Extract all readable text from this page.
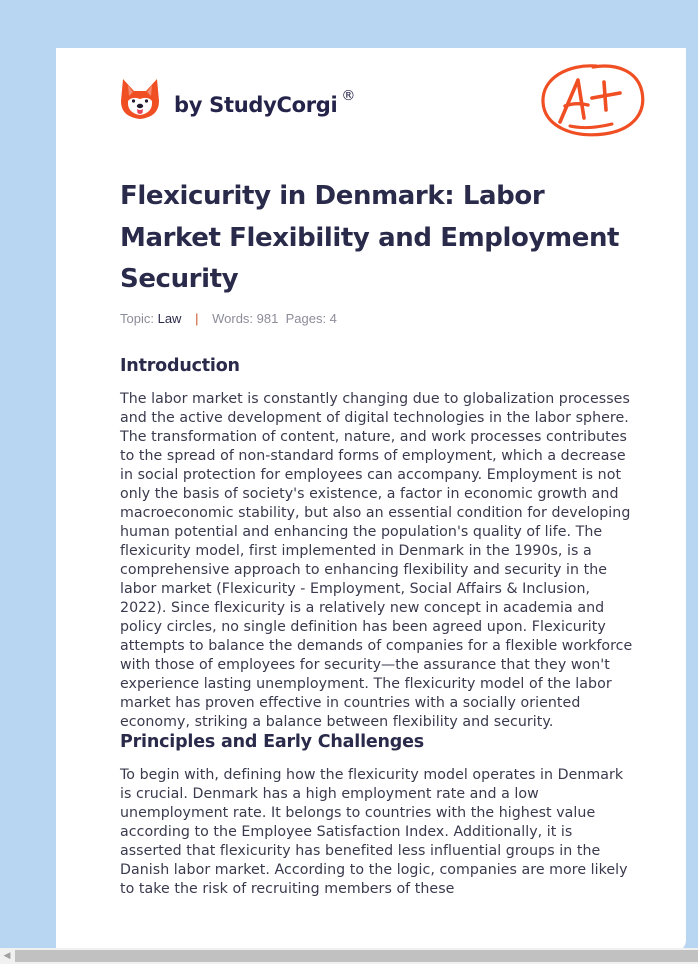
by StudyCorgi ®
Flexicurity in Denmark: Labor Market Flexibility and Employment Security
Topic: Law | Words: 981 Pages: 4
Introduction

The labor market is constantly changing due to globalization processes and the active development of digital technologies in the labor sphere. The transformation of content, nature, and work processes contributes to the spread of non-standard forms of employment, which a decrease in social protection for employees can accompany. Employment is not only the basis of society's existence, a factor in economic growth and macroeconomic stability, but also an essential condition for developing human potential and enhancing the population's quality of life. The flexicurity model, first implemented in Denmark in the 1990s, is a comprehensive approach to enhancing flexibility and security in the labor market (Flexicurity - Employment, Social Affairs & Inclusion, 2022). Since flexicurity is a relatively new concept in academia and policy circles, no single definition has been agreed upon. Flexicurity attempts to balance the demands of companies for a flexible workforce with those of employees for security—the assurance that they won't experience lasting unemployment. The flexicurity model of the labor market has proven effective in countries with a socially oriented economy, striking a balance between flexibility and security.

Principles and Early Challenges

To begin with, defining how the flexicurity model operates in Denmark is crucial. Denmark has a high employment rate and a low unemployment rate. It belongs to countries with the highest value according to the Employee Satisfaction Index. Additionally, it is asserted that flexicurity has benefited less influential groups in the Danish labor market. According to the logic, companies are more likely to take the risk of recruiting members of these

◀
